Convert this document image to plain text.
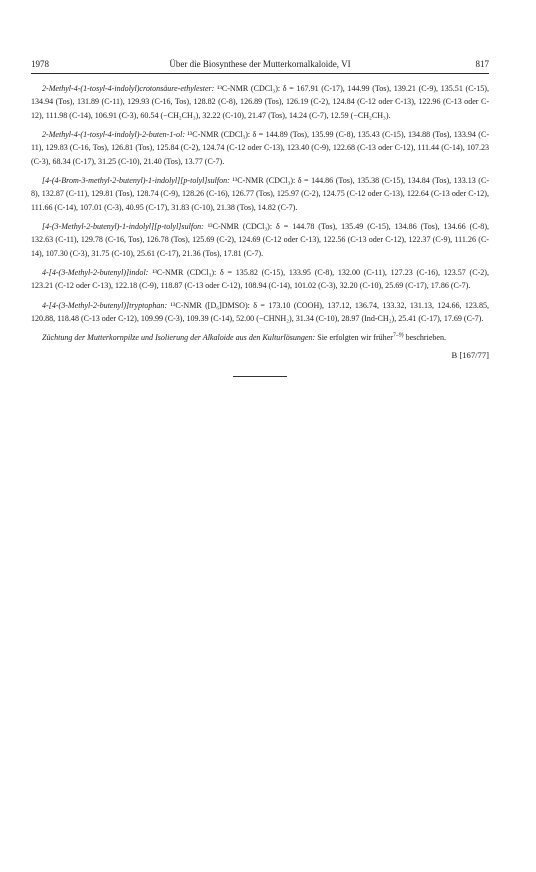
1978	Über die Biosynthese der Mutterkornalkaloide, VI	817

2-Methyl-4-(1-tosyl-4-indolyl)crotonsäure-ethylester: ¹³C-NMR (CDCl₃): δ = 167.91 (C-17), 144.99 (Tos), 139.21 (C-9), 135.51 (C-15), 134.94 (Tos), 131.89 (C-11), 129.93 (C-16, Tos), 128.82 (C-8), 126.89 (Tos), 126.19 (C-2), 124.84 (C-12 oder C-13), 122.96 (C-13 oder C-12), 111.98 (C-14), 106.91 (C-3), 60.54 (−CH₂CH₃), 32.22 (C-10), 21.47 (Tos), 14.24 (C-7), 12.59 (−CH₂CH₃).

2-Methyl-4-(1-tosyl-4-indolyl)-2-buten-1-ol: ¹³C-NMR (CDCl₃): δ = 144.89 (Tos), 135.99 (C-8), 135.43 (C-15), 134.88 (Tos), 133.94 (C-11), 129.83 (C-16, Tos), 126.81 (Tos), 125.84 (C-2), 124.74 (C-12 oder C-13), 123.40 (C-9), 122.68 (C-13 oder C-12), 111.44 (C-14), 107.23 (C-3), 68.34 (C-17), 31.25 (C-10), 21.40 (Tos), 13.77 (C-7).

[4-(4-Brom-3-methyl-2-butenyl)-1-indolyl][p-tolyl]sulfon: ¹³C-NMR (CDCl₃): δ = 144.86 (Tos), 135.38 (C-15), 134.84 (Tos), 133.13 (C-8), 132.87 (C-11), 129.81 (Tos), 128.74 (C-9), 128.26 (C-16), 126.77 (Tos), 125.97 (C-2), 124.75 (C-12 oder C-13), 122.64 (C-13 oder C-12), 111.66 (C-14), 107.01 (C-3), 40.95 (C-17), 31.83 (C-10), 21.38 (Tos), 14.82 (C-7).

[4-(3-Methyl-2-butenyl)-1-indolyl][p-tolyl]sulfon: ¹³C-NMR (CDCl₃): δ = 144.78 (Tos), 135.49 (C-15), 134.86 (Tos), 134.66 (C-8), 132.63 (C-11), 129.78 (C-16, Tos), 126.78 (Tos), 125.69 (C-2), 124.69 (C-12 oder C-13), 122.56 (C-13 oder C-12), 122.37 (C-9), 111.26 (C-14), 107.30 (C-3), 31.75 (C-10), 25.61 (C-17), 21.36 (Tos), 17.81 (C-7).

4-[4-(3-Methyl-2-butenyl)]indol: ¹³C-NMR (CDCl₃): δ = 135.82 (C-15), 133.95 (C-8), 132.00 (C-11), 127.23 (C-16), 123.57 (C-2), 123.21 (C-12 oder C-13), 122.18 (C-9), 118.87 (C-13 oder C-12), 108.94 (C-14), 101.02 (C-3), 32.20 (C-10), 25.69 (C-17), 17.86 (C-7).

4-[4-(3-Methyl-2-butenyl)]tryptophan: ¹³C-NMR ([D₆]DMSO): δ = 173.10 (COOH), 137.12, 136.74, 133.32, 131.13, 124.66, 123.85, 120.88, 118.48 (C-13 oder C-12), 109.99 (C-3), 109.39 (C-14), 52.00 (−CHNH₂), 31.34 (C-10), 28.97 (Ind-CH₂), 25.41 (C-17), 17.69 (C-7).

Züchtung der Mutterkornpilze und Isolierung der Alkaloide aus den Kulturlösungen: Sie erfolgten wir früher$^{7-9)}$ beschrieben.

B [167/77]
